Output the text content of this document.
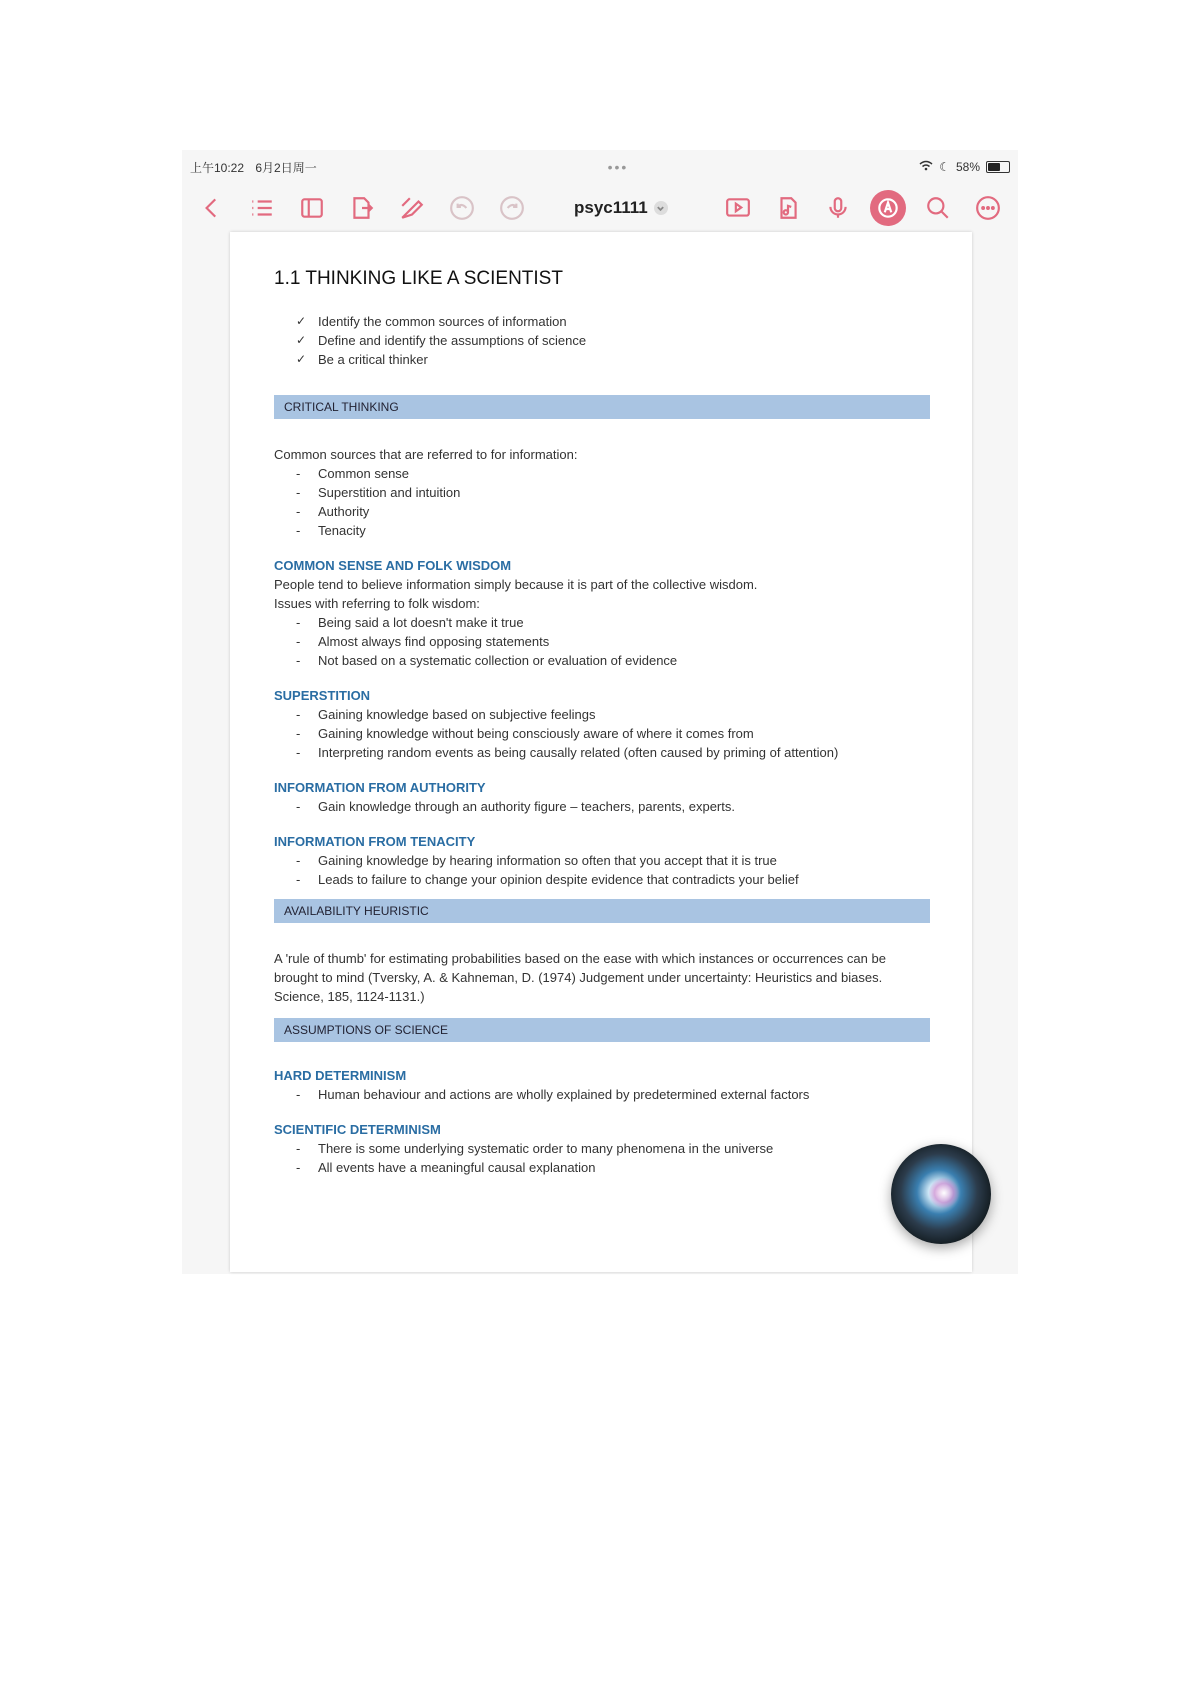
上午10:22 6月2日周一	•••	☾ 58%
psyc1111
1.1 THINKING LIKE A SCIENTIST
✓ Identify the common sources of information
✓ Define and identify the assumptions of science
✓ Be a critical thinker
CRITICAL THINKING

Common sources that are referred to for information:

- Common sense
- Superstition and intuition
- Authority
- Tenacity
COMMON SENSE AND FOLK WISDOM

People tend to believe information simply because it is part of the collective wisdom.

Issues with referring to folk wisdom:

- Being said a lot doesn't make it true
- Almost always find opposing statements
- Not based on a systematic collection or evaluation of evidence
SUPERSTITION
- Gaining knowledge based on subjective feelings
- Gaining knowledge without being consciously aware of where it comes from
- Interpreting random events as being causally related (often caused by priming of attention)
INFORMATION FROM AUTHORITY
- Gain knowledge through an authority figure – teachers, parents, experts.
INFORMATION FROM TENACITY
- Gaining knowledge by hearing information so often that you accept that it is true
- Leads to failure to change your opinion despite evidence that contradicts your belief
AVAILABILITY HEURISTIC

A 'rule of thumb' for estimating probabilities based on the ease with which instances or occurrences can be brought to mind (Tversky, A. & Kahneman, D. (1974) Judgement under uncertainty: Heuristics and biases. Science, 185, 1124-1131.)

ASSUMPTIONS OF SCIENCE
HARD DETERMINISM
- Human behaviour and actions are wholly explained by predetermined external factors
SCIENTIFIC DETERMINISM
- There is some underlying systematic order to many phenomena in the universe
- All events have a meaningful causal explanation
